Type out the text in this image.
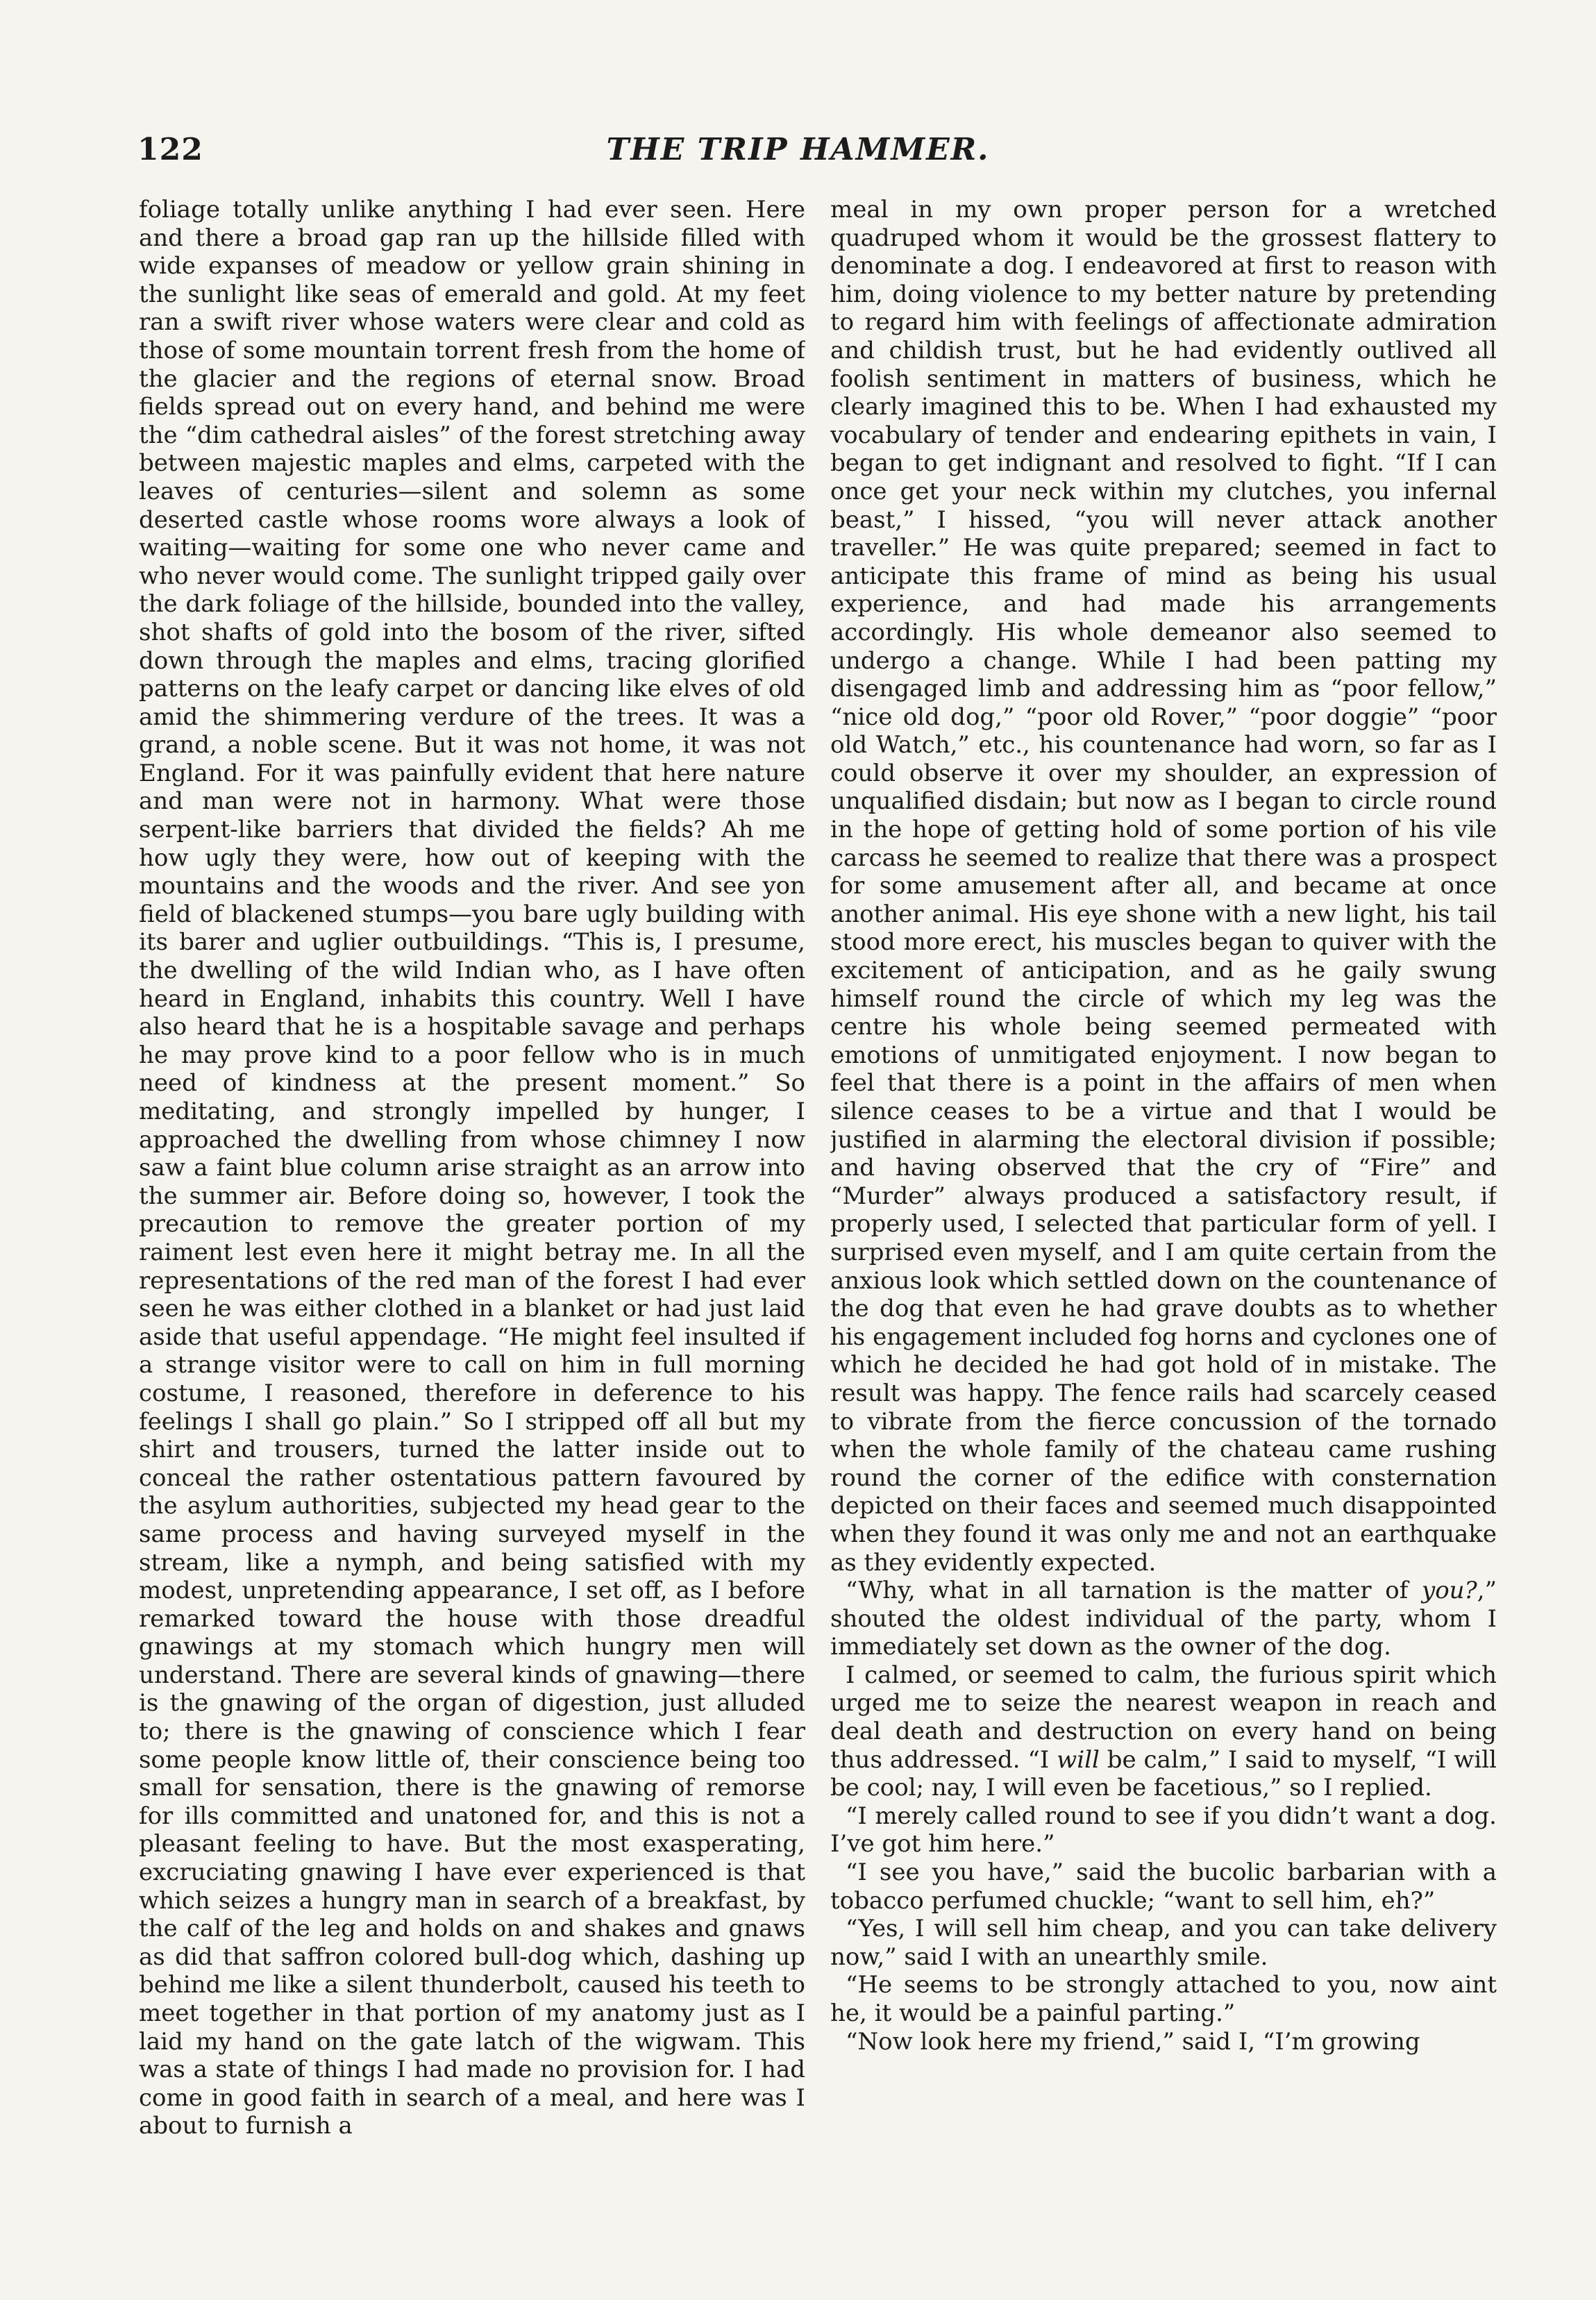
122	THE TRIP HAMMER.

foliage totally unlike anything I had ever seen. Here and there a broad gap ran up the hillside filled with wide expanses of meadow or yellow grain shining in the sunlight like seas of emerald and gold. At my feet ran a swift river whose waters were clear and cold as those of some mountain torrent fresh from the home of the glacier and the regions of eternal snow. Broad fields spread out on every hand, and behind me were the “dim cathedral aisles” of the forest stretching away between majestic maples and elms, carpeted with the leaves of centuries—silent and solemn as some deserted castle whose rooms wore always a look of waiting—waiting for some one who never came and who never would come. The sunlight tripped gaily over the dark foliage of the hillside, bounded into the valley, shot shafts of gold into the bosom of the river, sifted down through the maples and elms, tracing glorified patterns on the leafy carpet or dancing like elves of old amid the shimmering verdure of the trees. It was a grand, a noble scene. But it was not home, it was not England. For it was painfully evident that here nature and man were not in harmony. What were those serpent-like barriers that divided the fields? Ah me how ugly they were, how out of keeping with the mountains and the woods and the river. And see yon field of blackened stumps—you bare ugly building with its barer and uglier outbuildings. “This is, I presume, the dwelling of the wild Indian who, as I have often heard in England, inhabits this country. Well I have also heard that he is a hospitable savage and perhaps he may prove kind to a poor fellow who is in much need of kindness at the present moment.” So meditating, and strongly impelled by hunger, I approached the dwelling from whose chimney I now saw a faint blue column arise straight as an arrow into the summer air. Before doing so, however, I took the precaution to remove the greater portion of my raiment lest even here it might betray me. In all the representations of the red man of the forest I had ever seen he was either clothed in a blanket or had just laid aside that useful appendage. “He might feel insulted if a strange visitor were to call on him in full morning costume, I reasoned, therefore in deference to his feelings I shall go plain.” So I stripped off all but my shirt and trousers, turned the latter inside out to conceal the rather ostentatious pattern favoured by the asylum authorities, subjected my head gear to the same process and having surveyed myself in the stream, like a nymph, and being satisfied with my modest, unpretending appearance, I set off, as I before remarked toward the house with those dreadful gnawings at my stomach which hungry men will understand. There are several kinds of gnawing—there is the gnawing of the organ of digestion, just alluded to; there is the gnawing of conscience which I fear some people know little of, their conscience being too small for sensation, there is the gnawing of remorse for ills committed and unatoned for, and this is not a pleasant feeling to have. But the most exasperating, excruciating gnawing I have ever experienced is that which seizes a hungry man in search of a breakfast, by the calf of the leg and holds on and shakes and gnaws as did that saffron colored bull-dog which, dashing up behind me like a silent thunderbolt, caused his teeth to meet together in that portion of my anatomy just as I laid my hand on the gate latch of the wigwam. This was a state of things I had made no provision for. I had come in good faith in search of a meal, and here was I about to furnish a

meal in my own proper person for a wretched quadruped whom it would be the grossest flattery to denominate a dog. I endeavored at first to reason with him, doing violence to my better nature by pretending to regard him with feelings of affectionate admiration and childish trust, but he had evidently outlived all foolish sentiment in matters of business, which he clearly imagined this to be. When I had exhausted my vocabulary of tender and endearing epithets in vain, I began to get indignant and resolved to fight. “If I can once get your neck within my clutches, you infernal beast,” I hissed, “you will never attack another traveller.” He was quite prepared; seemed in fact to anticipate this frame of mind as being his usual experience, and had made his arrangements accordingly. His whole demeanor also seemed to undergo a change. While I had been patting my disengaged limb and addressing him as “poor fellow,” “nice old dog,” “poor old Rover,” “poor doggie” “poor old Watch,” etc., his countenance had worn, so far as I could observe it over my shoulder, an expression of unqualified disdain; but now as I began to circle round in the hope of getting hold of some portion of his vile carcass he seemed to realize that there was a prospect for some amusement after all, and became at once another animal. His eye shone with a new light, his tail stood more erect, his muscles began to quiver with the excitement of anticipation, and as he gaily swung himself round the circle of which my leg was the centre his whole being seemed permeated with emotions of unmitigated enjoyment. I now began to feel that there is a point in the affairs of men when silence ceases to be a virtue and that I would be justified in alarming the electoral division if possible; and having observed that the cry of “Fire” and “Murder” always produced a satisfactory result, if properly used, I selected that particular form of yell. I surprised even myself, and I am quite certain from the anxious look which settled down on the countenance of the dog that even he had grave doubts as to whether his engagement included fog horns and cyclones one of which he decided he had got hold of in mistake. The result was happy. The fence rails had scarcely ceased to vibrate from the fierce concussion of the tornado when the whole family of the chateau came rushing round the corner of the edifice with consternation depicted on their faces and seemed much disappointed when they found it was only me and not an earthquake as they evidently expected.

“Why, what in all tarnation is the matter of you?,” shouted the oldest individual of the party, whom I immediately set down as the owner of the dog.

I calmed, or seemed to calm, the furious spirit which urged me to seize the nearest weapon in reach and deal death and destruction on every hand on being thus addressed. “I will be calm,” I said to myself, “I will be cool; nay, I will even be facetious,” so I replied.

“I merely called round to see if you didn’t want a dog. I’ve got him here.”

“I see you have,” said the bucolic barbarian with a tobacco perfumed chuckle; “want to sell him, eh?”

“Yes, I will sell him cheap, and you can take delivery now,” said I with an unearthly smile.

“He seems to be strongly attached to you, now aint he, it would be a painful parting.”

“Now look here my friend,” said I, “I’m growing
